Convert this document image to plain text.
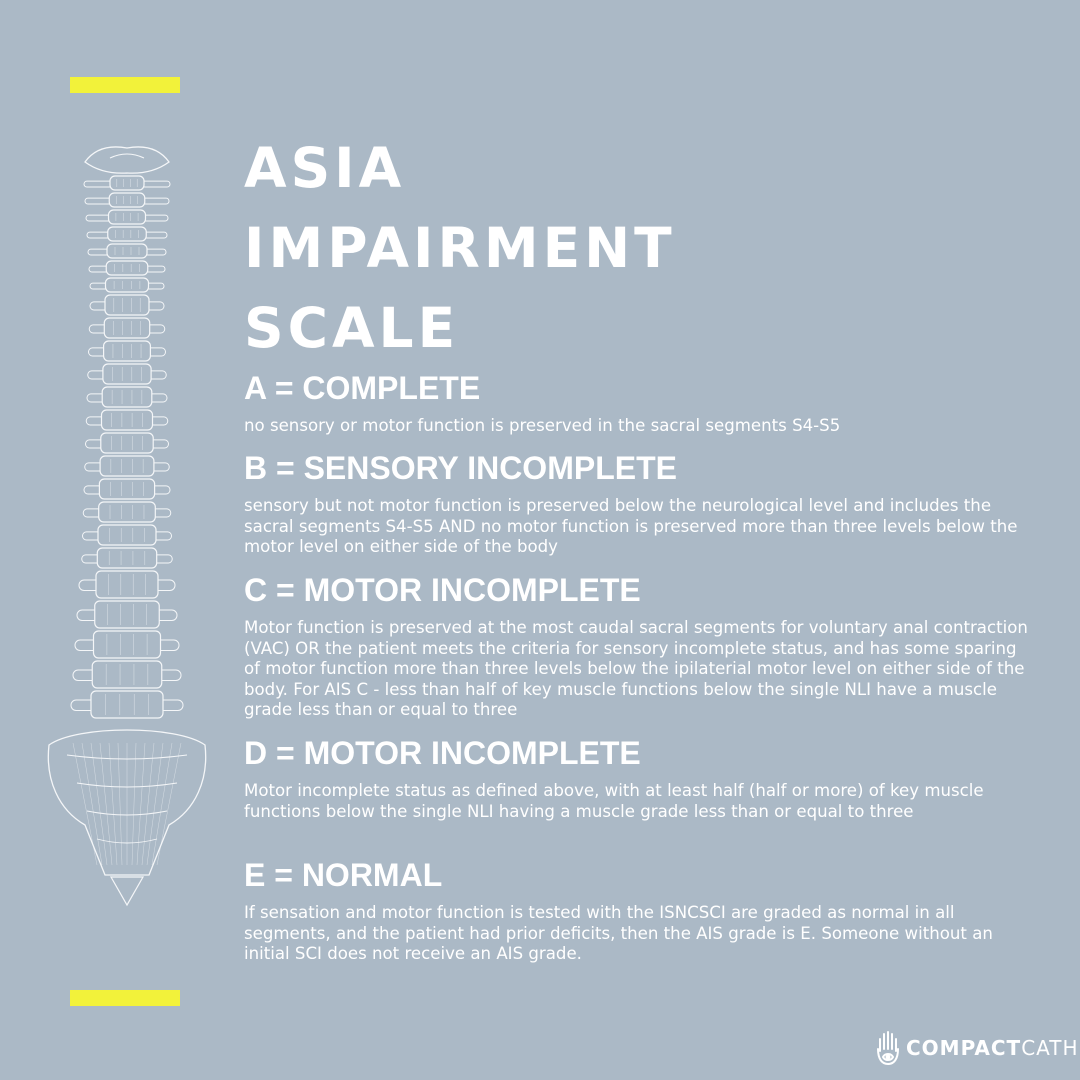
ASIA
IMPAIRMENT
SCALE
A = COMPLETE
no sensory or motor function is preserved in the sacral segments S4-S5
B = SENSORY INCOMPLETE
sensory but not motor function is preserved below the neurological level and includes the sacral segments S4-S5 AND no motor function is preserved more than three levels below the motor level on either side of the body
C = MOTOR INCOMPLETE
Motor function is preserved at the most caudal sacral segments for voluntary anal contraction (VAC) OR the patient meets the criteria for sensory incomplete status, and has some sparing of motor function more than three levels below the ipilaterial motor level on either side of the body. For AIS C - less than half of key muscle functions below the single NLI have a muscle grade less than or equal to three
D = MOTOR INCOMPLETE
Motor incomplete status as defined above, with at least half (half or more) of key muscle functions below the single NLI having a muscle grade less than or equal to three
E = NORMAL
If sensation and motor function is tested with the ISNCSCI are graded as normal in all segments, and the patient had prior deficits, then the AIS grade is E. Someone without an initial SCI does not receive an AIS grade.
COMPACTCATH
